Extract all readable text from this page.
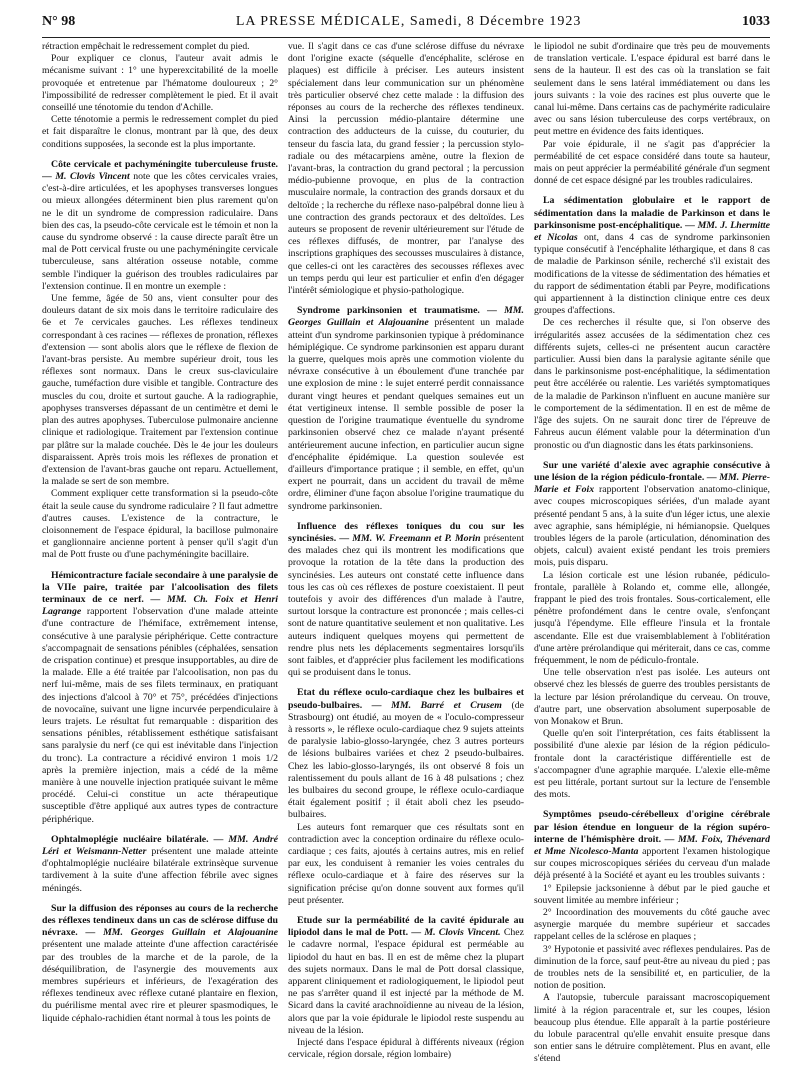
N° 98	LA PRESSE MÉDICALE, Samedi, 8 Décembre 1923	1033

rétraction empêchait le redressement complet du pied.

Pour expliquer ce clonus, l'auteur avait admis le mécanisme suivant : 1° une hyperexcitabilité de la moelle provoquée et entretenue par l'hématome douloureux ; 2° l'impossibilité de redresser complètement le pied. Et il avait conseillé une ténotomie du tendon d'Achille.

Cette ténotomie a permis le redressement complet du pied et fait disparaître le clonus, montrant par là que, des deux conditions supposées, la seconde est la plus importante.

Côte cervicale et pachyméningite tuberculeuse fruste. — M. Clovis Vincent note que les côtes cervicales vraies, c'est-à-dire articulées, et les apophyses transverses longues ou mieux allongées déterminent bien plus rarement qu'on ne le dit un syndrome de compression radiculaire. Dans bien des cas, la pseudo-côte cervicale est le témoin et non la cause du syndrome observé : la cause directe paraît être un mal de Pott cervical fruste ou une pachyméningite cervicale tuberculeuse, sans altération osseuse notable, comme semble l'indiquer la guérison des troubles radiculaires par l'extension continue. Il en montre un exemple :

Une femme, âgée de 50 ans, vient consulter pour des douleurs datant de six mois dans le territoire radiculaire des 6e et 7e cervicales gauches. Les réflexes tendineux correspondant à ces racines — réflexes de pronation, réflexes d'extension — sont abolis alors que le réflexe de flexion de l'avant-bras persiste. Au membre supérieur droit, tous les réflexes sont normaux. Dans le creux sus-claviculaire gauche, tuméfaction dure visible et tangible. Contracture des muscles du cou, droite et surtout gauche. A la radiographie, apophyses transverses dépassant de un centimètre et demi le plan des autres apophyses. Tuberculose pulmonaire ancienne clinique et radiologique. Traitement par l'extension continue par plâtre sur la malade couchée. Dès le 4e jour les douleurs disparaissent. Après trois mois les réflexes de pronation et d'extension de l'avant-bras gauche ont reparu. Actuellement, la malade se sert de son membre.

Comment expliquer cette transformation si la pseudo-côte était la seule cause du syndrome radiculaire ? Il faut admettre d'autres causes. L'existence de la contracture, le cloisonnement de l'espace épidural, la bacillose pulmonaire et ganglionnaire ancienne portent à penser qu'il s'agit d'un mal de Pott fruste ou d'une pachyméningite bacillaire.

Hémicontracture faciale secondaire à une paralysie de la VIIe paire, traitée par l'alcoolisation des filets terminaux de ce nerf. — MM. Ch. Foix et Henri Lagrange rapportent l'observation d'une malade atteinte d'une contracture de l'hémiface, extrêmement intense, consécutive à une paralysie périphérique. Cette contracture s'accompagnait de sensations pénibles (céphalées, sensation de crispation continue) et presque insupportables, au dire de la malade. Elle a été traitée par l'alcoolisation, non pas du nerf lui-même, mais de ses filets terminaux, en pratiquant des injections d'alcool à 70° et 75°, précédées d'injections de novocaïne, suivant une ligne incurvée perpendiculaire à leurs trajets. Le résultat fut remarquable : disparition des sensations pénibles, rétablissement esthétique satisfaisant sans paralysie du nerf (ce qui est inévitable dans l'injection du tronc). La contracture a récidivé environ 1 mois 1/2 après la première injection, mais a cédé de la même manière à une nouvelle injection pratiquée suivant le même procédé. Celui-ci constitue un acte thérapeutique susceptible d'être appliqué aux autres types de contracture périphérique.
Ophtalmoplégie nucléaire bilatérale. — MM. André Léri et Weismann-Netter présentent une malade atteinte d'ophtalmoplégie nucléaire bilatérale extrinsèque survenue tardivement à la suite d'une affection fébrile avec signes méningés.
Sur la diffusion des réponses au cours de la recherche des réflexes tendineux dans un cas de sclérose diffuse du névraxe. — MM. Georges Guillain et Alajouanine présentent une malade atteinte d'une affection caractérisée par des troubles de la marche et de la parole, de la déséquilibration, de l'asynergie des mouvements aux membres supérieurs et inférieurs, de l'exagération des réflexes tendineux avec réflexe cutané plantaire en flexion, du puérilisme mental avec rire et pleurer spasmodiques, le liquide céphalo-rachidien étant normal à tous les points de

vue. Il s'agit dans ce cas d'une sclérose diffuse du névraxe dont l'origine exacte (séquelle d'encéphalite, sclérose en plaques) est difficile à préciser. Les auteurs insistent spécialement dans leur communication sur un phénomène très particulier observé chez cette malade : la diffusion des réponses au cours de la recherche des réflexes tendineux. Ainsi la percussion médio-plantaire détermine une contraction des adducteurs de la cuisse, du couturier, du tenseur du fascia lata, du grand fessier ; la percussion stylo-radiale ou des métacarpiens amène, outre la flexion de l'avant-bras, la contraction du grand pectoral ; la percussion médio-pubienne provoque, en plus de la contraction musculaire normale, la contraction des grands dorsaux et du deltoïde ; la recherche du réflexe naso-palpébral donne lieu à une contraction des grands pectoraux et des deltoïdes. Les auteurs se proposent de revenir ultérieurement sur l'étude de ces réflexes diffusés, de montrer, par l'analyse des inscriptions graphiques des secousses musculaires à distance, que celles-ci ont les caractères des secousses réflexes avec un temps perdu qui leur est particulier et enfin d'en dégager l'intérêt sémiologique et physio-pathologique.

Syndrome parkinsonien et traumatisme. — MM. Georges Guillain et Alajouanine présentent un malade atteint d'un syndrome parkinsonien typique à prédominance hémiplégique. Ce syndrome parkinsonien est apparu durant la guerre, quelques mois après une commotion violente du névraxe consécutive à un éboulement d'une tranchée par une explosion de mine : le sujet enterré perdit connaissance durant vingt heures et pendant quelques semaines eut un état vertigineux intense. Il semble possible de poser la question de l'origine traumatique éventuelle du syndrome parkinsonien observé chez ce malade n'ayant présenté antérieurement aucune infection, en particulier aucun signe d'encéphalite épidémique. La question soulevée est d'ailleurs d'importance pratique ; il semble, en effet, qu'un expert ne pourrait, dans un accident du travail de même ordre, éliminer d'une façon absolue l'origine traumatique du syndrome parkinsonien.
Influence des réflexes toniques du cou sur les syncinésies. — MM. W. Freemann et P. Morin présentent des malades chez qui ils montrent les modifications que provoque la rotation de la tête dans la production des syncinésies. Les auteurs ont constaté cette influence dans tous les cas où ces réflexes de posture coexistaient. Il peut toutefois y avoir des différences d'un malade à l'autre, surtout lorsque la contracture est prononcée ; mais celles-ci sont de nature quantitative seulement et non qualitative. Les auteurs indiquent quelques moyens qui permettent de rendre plus nets les déplacements segmentaires lorsqu'ils sont faibles, et d'apprécier plus facilement les modifications qui se produisent dans le tonus.
Etat du réflexe oculo-cardiaque chez les bulbaires et pseudo-bulbaires. — MM. Barré et Crusem (de Strasbourg) ont étudié, au moyen de « l'oculo-compresseur à ressorts », le réflexe oculo-cardiaque chez 9 sujets atteints de paralysie labio-glosso-laryngée, chez 3 autres porteurs de lésions bulbaires variées et chez 2 pseudo-bulbaires. Chez les labio-glosso-laryngés, ils ont observé 8 fois un ralentissement du pouls allant de 16 à 48 pulsations ; chez les bulbaires du second groupe, le réflexe oculo-cardiaque était également positif ; il était aboli chez les pseudo-bulbaires.

Les auteurs font remarquer que ces résultats sont en contradiction avec la conception ordinaire du réflexe oculo-cardiaque ; ces faits, ajoutés à certains autres, mis en relief par eux, les conduisent à remanier les voies centrales du réflexe oculo-cardiaque et à faire des réserves sur la signification précise qu'on donne souvent aux formes qu'il peut présenter.

Etude sur la perméabilité de la cavité épidurale au lipiodol dans le mal de Pott. — M. Clovis Vincent. Chez le cadavre normal, l'espace épidural est perméable au lipiodol du haut en bas. Il en est de même chez la plupart des sujets normaux. Dans le mal de Pott dorsal classique, apparent cliniquement et radiologiquement, le lipiodol peut ne pas s'arrêter quand il est injecté par la méthode de M. Sicard dans la cavité arachnoïdienne au niveau de la lésion, alors que par la voie épidurale le lipiodol reste suspendu au niveau de la lésion.

Injecté dans l'espace épidural à différents niveaux (région cervicale, région dorsale, région lombaire)

le lipiodol ne subit d'ordinaire que très peu de mouvements de translation verticale. L'espace épidural est barré dans le sens de la hauteur. Il est des cas où la translation se fait seulement dans le sens latéral immédiatement ou dans les jours suivants : la voie des racines est plus ouverte que le canal lui-même. Dans certains cas de pachymérite radiculaire avec ou sans lésion tuberculeuse des corps vertébraux, on peut mettre en évidence des faits identiques.

Par voie épidurale, il ne s'agit pas d'apprécier la perméabilité de cet espace considéré dans toute sa hauteur, mais on peut apprécier la perméabilité générale d'un segment donné de cet espace désigné par les troubles radiculaires.

La sédimentation globulaire et le rapport de sédimentation dans la maladie de Parkinson et dans le parkinsonisme post-encéphalitique. — MM. J. Lhermitte et Nicolas ont, dans 4 cas de syndrome parkinsonien typique consécutif à l'encéphalite léthargique, et dans 8 cas de maladie de Parkinson sénile, recherché s'il existait des modifications de la vitesse de sédimentation des hématies et du rapport de sédimentation établi par Peyre, modifications qui appartiennent à la distinction clinique entre ces deux groupes d'affections.

De ces recherches il résulte que, si l'on observe des irrégularités assez accusées de la sédimentation chez ces différents sujets, celles-ci ne présentent aucun caractère particulier. Aussi bien dans la paralysie agitante sénile que dans le parkinsonisme post-encéphalitique, la sédimentation peut être accélérée ou ralentie. Les variétés symptomatiques de la maladie de Parkinson n'influent en aucune manière sur le comportement de la sédimentation. Il en est de même de l'âge des sujets. On ne saurait donc tirer de l'épreuve de Fahreus aucun élément valable pour la détermination d'un pronostic ou d'un diagnostic dans les états parkinsoniens.

Sur une variété d'alexie avec agraphie consécutive à une lésion de la région pédiculo-frontale. — MM. Pierre-Marie et Foix rapportent l'observation anatomo-clinique, avec coupes microscopiques sériées, d'un malade ayant présenté pendant 5 ans, à la suite d'un léger ictus, une alexie avec agraphie, sans hémiplégie, ni hémianopsie. Quelques troubles légers de la parole (articulation, dénomination des objets, calcul) avaient existé pendant les trois premiers mois, puis disparu.

La lésion corticale est une lésion rubanée, pédiculo-frontale, parallèle à Rolando et, comme elle, allongée, frappant le pied des trois frontales. Sous-corticalement, elle pénètre profondément dans le centre ovale, s'enfonçant jusqu'à l'épendyme. Elle effleure l'insula et la frontale ascendante. Elle est due vraisemblablement à l'oblitération d'une artère prérolandique qui mériterait, dans ce cas, comme fréquemment, le nom de pédiculo-frontale.

Une telle observation n'est pas isolée. Les auteurs ont observé chez les blessés de guerre des troubles persistants de la lecture par lésion prérolandique du cerveau. On trouve, d'autre part, une observation absolument superposable de von Monakow et Brun.

Quelle qu'en soit l'interprétation, ces faits établissent la possibilité d'une alexie par lésion de la région pédiculo-frontale dont la caractéristique différentielle est de s'accompagner d'une agraphie marquée. L'alexie elle-même est peu littérale, portant surtout sur la lecture de l'ensemble des mots.

Symptômes pseudo-cérébelleux d'origine cérébrale par lésion étendue en longueur de la région supéro-interne de l'hémisphère droit. — MM. Foix, Thévenard et Mme Nicolesco-Manta apportent l'examen histologique sur coupes microscopiques sériées du cerveau d'un malade déjà présenté à la Société et ayant eu les troubles suivants :

1° Epilepsie jacksonienne à début par le pied gauche et souvent limitée au membre inférieur ;

2° Incoordination des mouvements du côté gauche avec asynergie marquée du membre supérieur et saccades rappelant celles de la sclérose en plaques ;

3° Hypotonie et passivité avec réflexes pendulaires. Pas de diminution de la force, sauf peut-être au niveau du pied ; pas de troubles nets de la sensibilité et, en particulier, de la notion de position.

A l'autopsie, tubercule paraissant macroscopiquement limité à la région paracentrale et, sur les coupes, lésion beaucoup plus étendue. Elle apparaît à la partie postérieure du lobule paracentral qu'elle envahit ensuite presque dans son entier sans le détruire complètement. Plus en avant, elle s'étend
